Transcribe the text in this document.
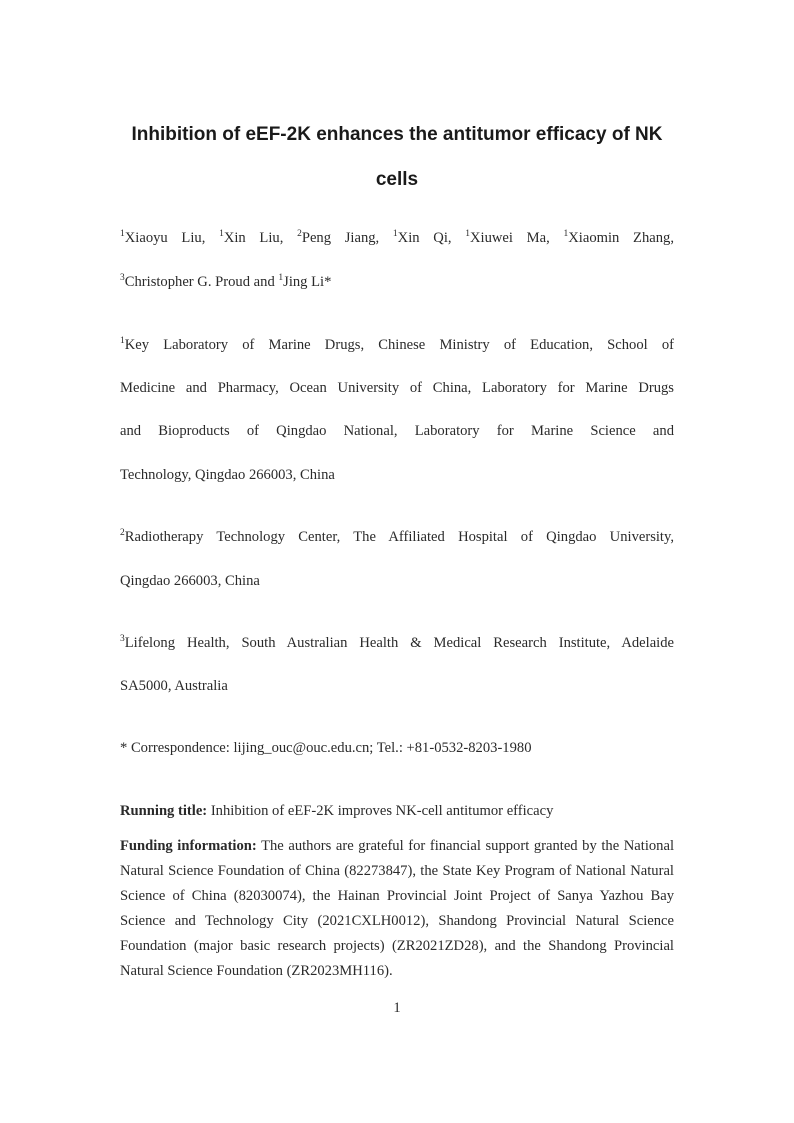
Inhibition of eEF-2K enhances the antitumor efficacy of NK
cells

$^1$Xiaoyu Liu, $^1$Xin Liu, $^2$Peng Jiang, $^1$Xin Qi, $^1$Xiuwei Ma, $^1$Xiaomin Zhang,

$^3$Christopher G. Proud and $^1$Jing Li*

$^1$Key Laboratory of Marine Drugs, Chinese Ministry of Education, School of

Medicine and Pharmacy, Ocean University of China, Laboratory for Marine Drugs

and Bioproducts of Qingdao National, Laboratory for Marine Science and

Technology, Qingdao 266003, China

$^2$Radiotherapy Technology Center, The Affiliated Hospital of Qingdao University,

Qingdao 266003, China

$^3$Lifelong Health, South Australian Health & Medical Research Institute, Adelaide

SA5000, Australia

* Correspondence: lijing_ouc@ouc.edu.cn; Tel.: +81-0532-8203-1980

Running title: Inhibition of eEF-2K improves NK-cell antitumor efficacy

Funding information: The authors are grateful for financial support granted by the National Natural Science Foundation of China (82273847), the State Key Program of National Natural Science of China (82030074), the Hainan Provincial Joint Project of Sanya Yazhou Bay Science and Technology City (2021CXLH0012), Shandong Provincial Natural Science Foundation (major basic research projects) (ZR2021ZD28), and the Shandong Provincial Natural Science Foundation (ZR2023MH116).

1
